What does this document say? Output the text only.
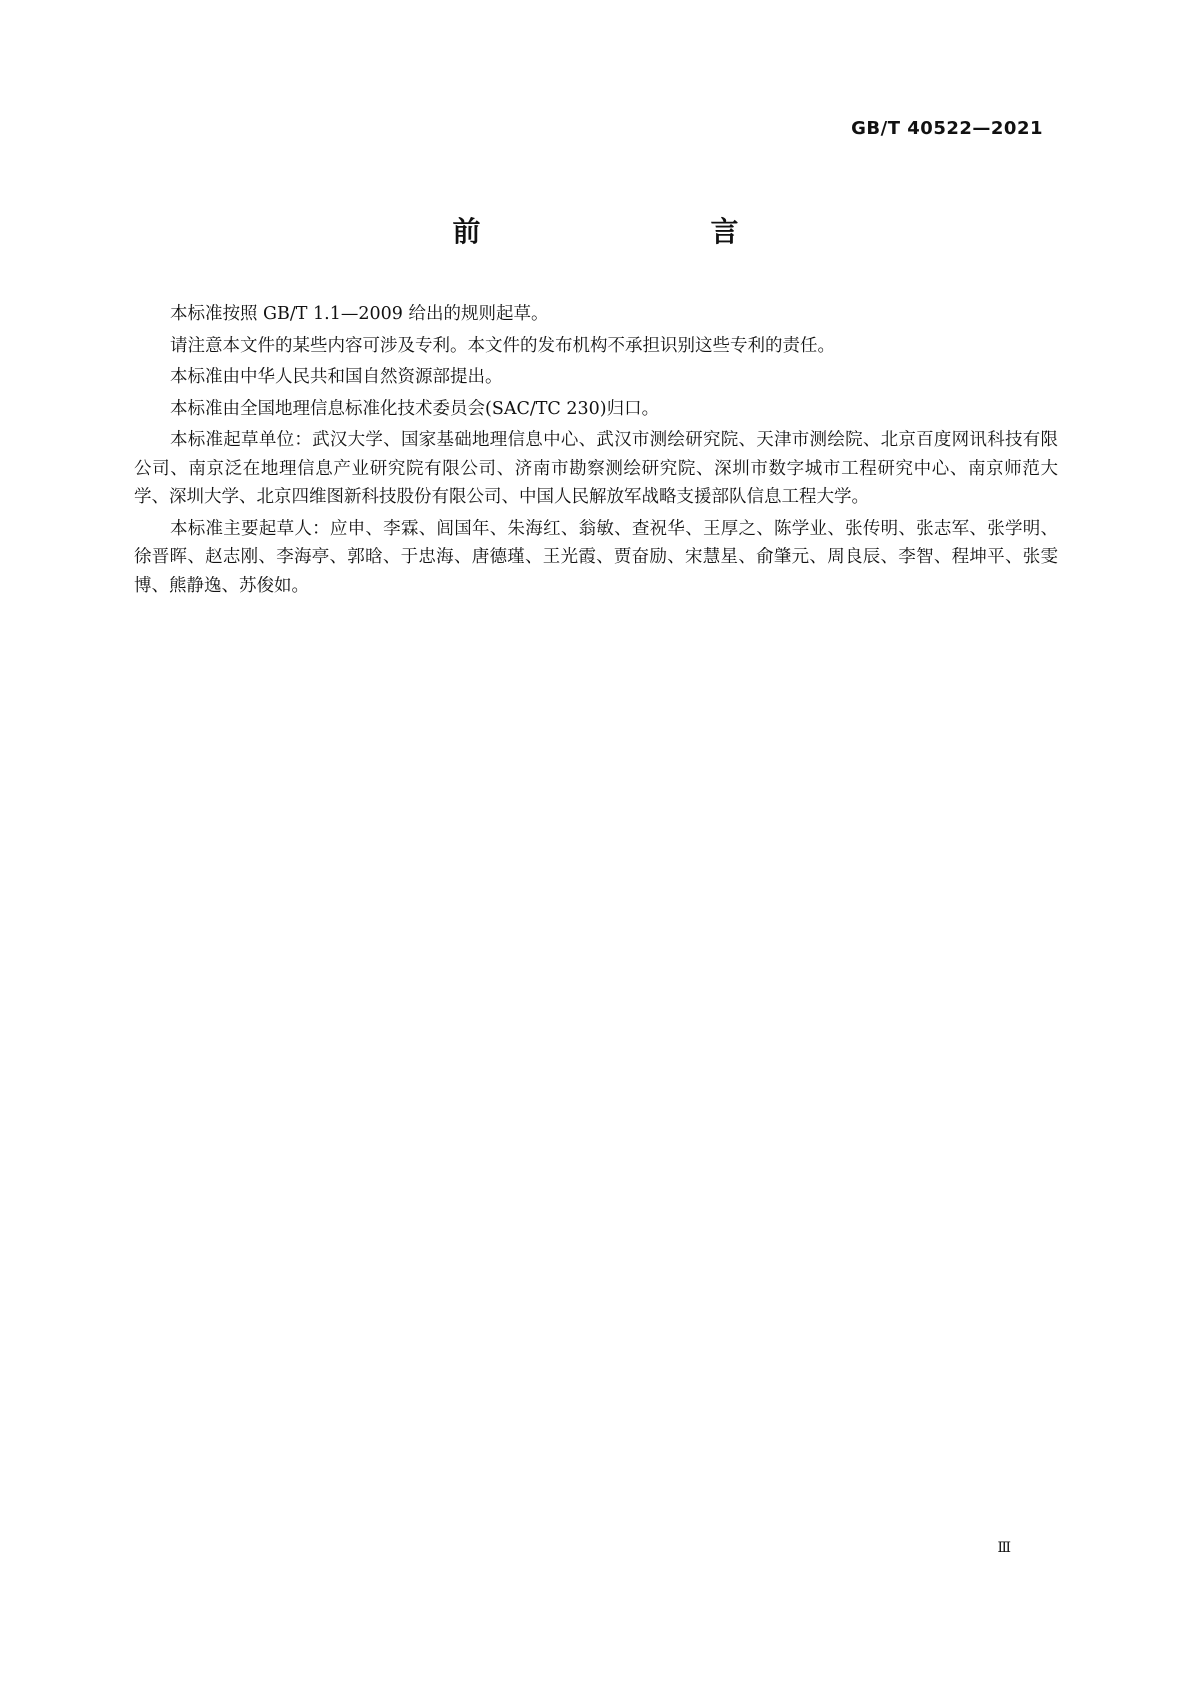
GB/T 40522—2021
前　　言

本标准按照 GB/T 1.1—2009 给出的规则起草。

请注意本文件的某些内容可涉及专利。本文件的发布机构不承担识别这些专利的责任。

本标准由中华人民共和国自然资源部提出。

本标准由全国地理信息标准化技术委员会(SAC/TC 230)归口。

本标准起草单位：武汉大学、国家基础地理信息中心、武汉市测绘研究院、天津市测绘院、北京百度网讯科技有限公司、南京泛在地理信息产业研究院有限公司、济南市勘察测绘研究院、深圳市数字城市工程研究中心、南京师范大学、深圳大学、北京四维图新科技股份有限公司、中国人民解放军战略支援部队信息工程大学。

本标准主要起草人：应申、李霖、闾国年、朱海红、翁敏、查祝华、王厚之、陈学业、张传明、张志军、张学明、徐晋晖、赵志刚、李海亭、郭晗、于忠海、唐德瑾、王光霞、贾奋励、宋慧星、俞肇元、周良辰、李智、程坤平、张雯博、熊静逸、苏俊如。

Ⅲ
